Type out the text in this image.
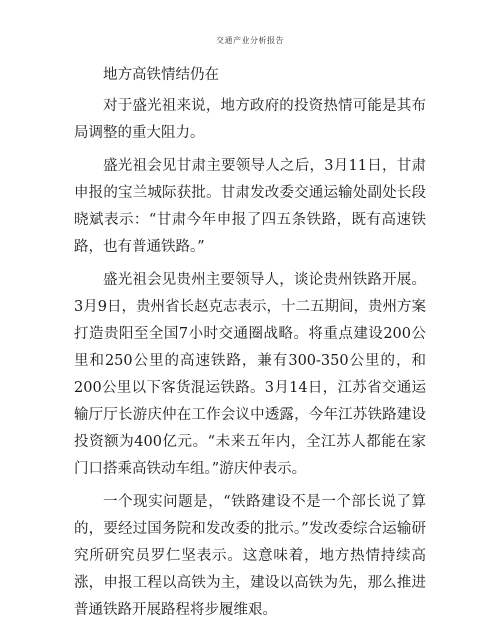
交通产业分析报告

地方高铁情结仍在

对于盛光祖来说，地方政府的投资热情可能是其布局调整的重大阻力。

盛光祖会见甘肃主要领导人之后，3月11日，甘肃申报的宝兰城际获批。甘肃发改委交通运输处副处长段晓斌表示：“甘肃今年申报了四五条铁路，既有高速铁路，也有普通铁路。”

盛光祖会见贵州主要领导人，谈论贵州铁路开展。3月9日，贵州省长赵克志表示，十二五期间，贵州方案打造贵阳至全国7小时交通圈战略。将重点建设200公里和250公里的高速铁路，兼有300-350公里的，和200公里以下客货混运铁路。3月14日，江苏省交通运输厅厅长游庆仲在工作会议中透露，今年江苏铁路建设投资额为400亿元。“未来五年内，全江苏人都能在家门口搭乘高铁动车组。”游庆仲表示。

一个现实问题是，“铁路建设不是一个部长说了算的，要经过国务院和发改委的批示。”发改委综合运输研究所研究员罗仁坚表示。这意味着，地方热情持续高涨，申报工程以高铁为主，建设以高铁为先，那么推进普通铁路开展路程将步履维艰。
